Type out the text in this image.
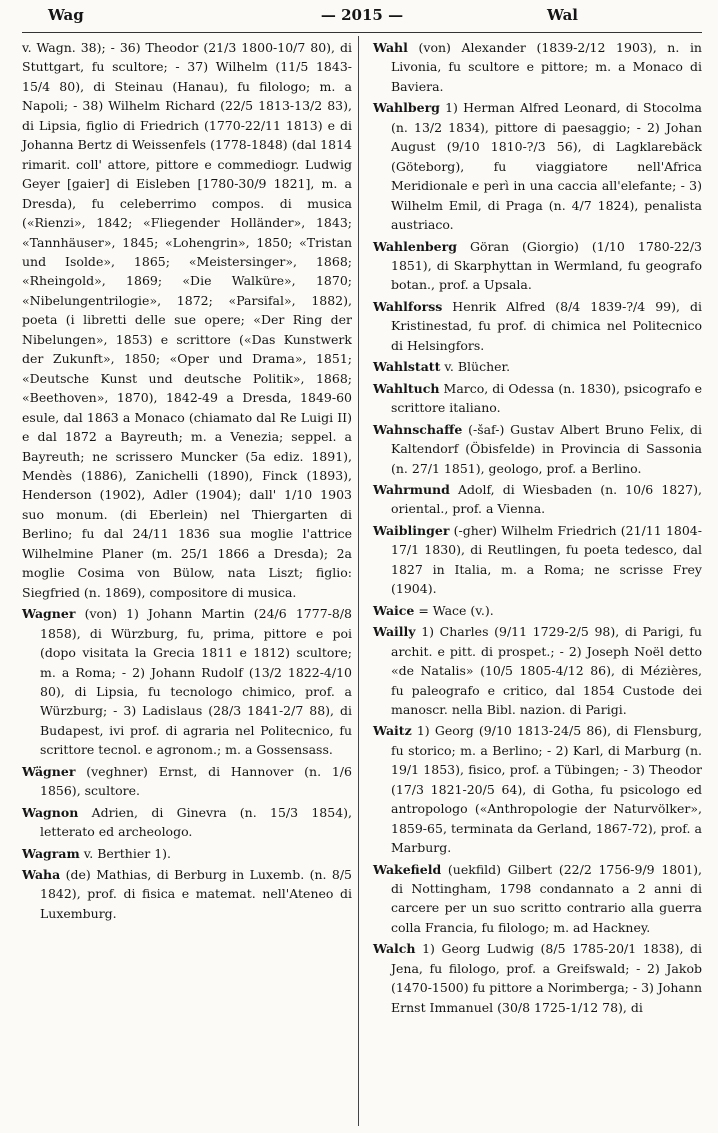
Wag	— 2015 —	Wal

v. Wagn. 38); - 36) Theodor (21/3 1800-10/7 80), di Stuttgart, fu scultore; - 37) Wilhelm (11/5 1843-15/4 80), di Steinau (Hanau), fu filologo; m. a Napoli; - 38) Wilhelm Richard (22/5 1813-13/2 83), di Lipsia, figlio di Friedrich (1770-22/11 1813) e di Johanna Bertz di Weissenfels (1778-1848) (dal 1814 rimarit. coll' attore, pittore e commediogr. Ludwig Geyer [gaier] di Eisleben [1780-30/9 1821], m. a Dresda), fu celeberrimo compos. di musica («Rienzi», 1842; «Fliegender Holländer», 1843; «Tannhäuser», 1845; «Lohengrin», 1850; «Tristan und Isolde», 1865; «Meistersinger», 1868; «Rheingold», 1869; «Die Walküre», 1870; «Nibelungentrilogie», 1872; «Parsifal», 1882), poeta (i libretti delle sue opere; «Der Ring der Nibelungen», 1853) e scrittore («Das Kunstwerk der Zukunft», 1850; «Oper und Drama», 1851; «Deutsche Kunst und deutsche Politik», 1868; «Beethoven», 1870), 1842-49 a Dresda, 1849-60 esule, dal 1863 a Monaco (chiamato dal Re Luigi II) e dal 1872 a Bayreuth; m. a Venezia; seppel. a Bayreuth; ne scrissero Muncker (5a ediz. 1891), Mendès (1886), Zanichelli (1890), Finck (1893), Henderson (1902), Adler (1904); dall' 1/10 1903 suo monum. (di Eberlein) nel Thiergarten di Berlino; fu dal 24/11 1836 sua moglie l'attrice Wilhelmine Planer (m. 25/1 1866 a Dresda); 2a moglie Cosima von Bülow, nata Liszt; figlio: Siegfried (n. 1869), compositore di musica.

Wagner (von) 1) Johann Martin (24/6 1777-8/8 1858), di Würzburg, fu, prima, pittore e poi (dopo visitata la Grecia 1811 e 1812) scultore; m. a Roma; - 2) Johann Rudolf (13/2 1822-4/10 80), di Lipsia, fu tecnologo chimico, prof. a Würzburg; - 3) Ladislaus (28/3 1841-2/7 88), di Budapest, ivi prof. di agraria nel Politecnico, fu scrittore tecnol. e agronom.; m. a Gossensass.

Wägner (veghner) Ernst, di Hannover (n. 1/6 1856), scultore.

Wagnon Adrien, di Ginevra (n. 15/3 1854), letterato ed archeologo.

Wagram v. Berthier 1).

Waha (de) Mathias, di Berburg in Luxemb. (n. 8/5 1842), prof. di fisica e matemat. nell'Ateneo di Luxemburg.

Wahl (von) Alexander (1839-2/12 1903), n. in Livonia, fu scultore e pittore; m. a Monaco di Baviera.

Wahlberg 1) Herman Alfred Leonard, di Stocolma (n. 13/2 1834), pittore di paesaggio; - 2) Johan August (9/10 1810-?/3 56), di Lagklarebäck (Göteborg), fu viaggiatore nell'Africa Meridionale e perì in una caccia all'elefante; - 3) Wilhelm Emil, di Praga (n. 4/7 1824), penalista austriaco.

Wahlenberg Göran (Giorgio) (1/10 1780-22/3 1851), di Skarphyttan in Wermland, fu geografo botan., prof. a Upsala.

Wahlforss Henrik Alfred (8/4 1839-?/4 99), di Kristinestad, fu prof. di chimica nel Politecnico di Helsingfors.

Wahlstatt v. Blücher.

Wahltuch Marco, di Odessa (n. 1830), psicografo e scrittore italiano.

Wahnschaffe (-šaf-) Gustav Albert Bruno Felix, di Kaltendorf (Öbisfelde) in Provincia di Sassonia (n. 27/1 1851), geologo, prof. a Berlino.

Wahrmund Adolf, di Wiesbaden (n. 10/6 1827), oriental., prof. a Vienna.

Waiblinger (-gher) Wilhelm Friedrich (21/11 1804-17/1 1830), di Reutlingen, fu poeta tedesco, dal 1827 in Italia, m. a Roma; ne scrisse Frey (1904).

Waice = Wace (v.).

Wailly 1) Charles (9/11 1729-2/5 98), di Parigi, fu archit. e pitt. di prospet.; - 2) Joseph Noël detto «de Natalis» (10/5 1805-4/12 86), di Mézières, fu paleografo e critico, dal 1854 Custode dei manoscr. nella Bibl. nazion. di Parigi.

Waitz 1) Georg (9/10 1813-24/5 86), di Flensburg, fu storico; m. a Berlino; - 2) Karl, di Marburg (n. 19/1 1853), fisico, prof. a Tübingen; - 3) Theodor (17/3 1821-20/5 64), di Gotha, fu psicologo ed antropologo («Anthropologie der Naturvölker», 1859-65, terminata da Gerland, 1867-72), prof. a Marburg.

Wakefield (uekfild) Gilbert (22/2 1756-9/9 1801), di Nottingham, 1798 condannato a 2 anni di carcere per un suo scritto contrario alla guerra colla Francia, fu filologo; m. ad Hackney.

Walch 1) Georg Ludwig (8/5 1785-20/1 1838), di Jena, fu filologo, prof. a Greifswald; - 2) Jakob (1470-1500) fu pittore a Norimberga; - 3) Johann Ernst Immanuel (30/8 1725-1/12 78), di
